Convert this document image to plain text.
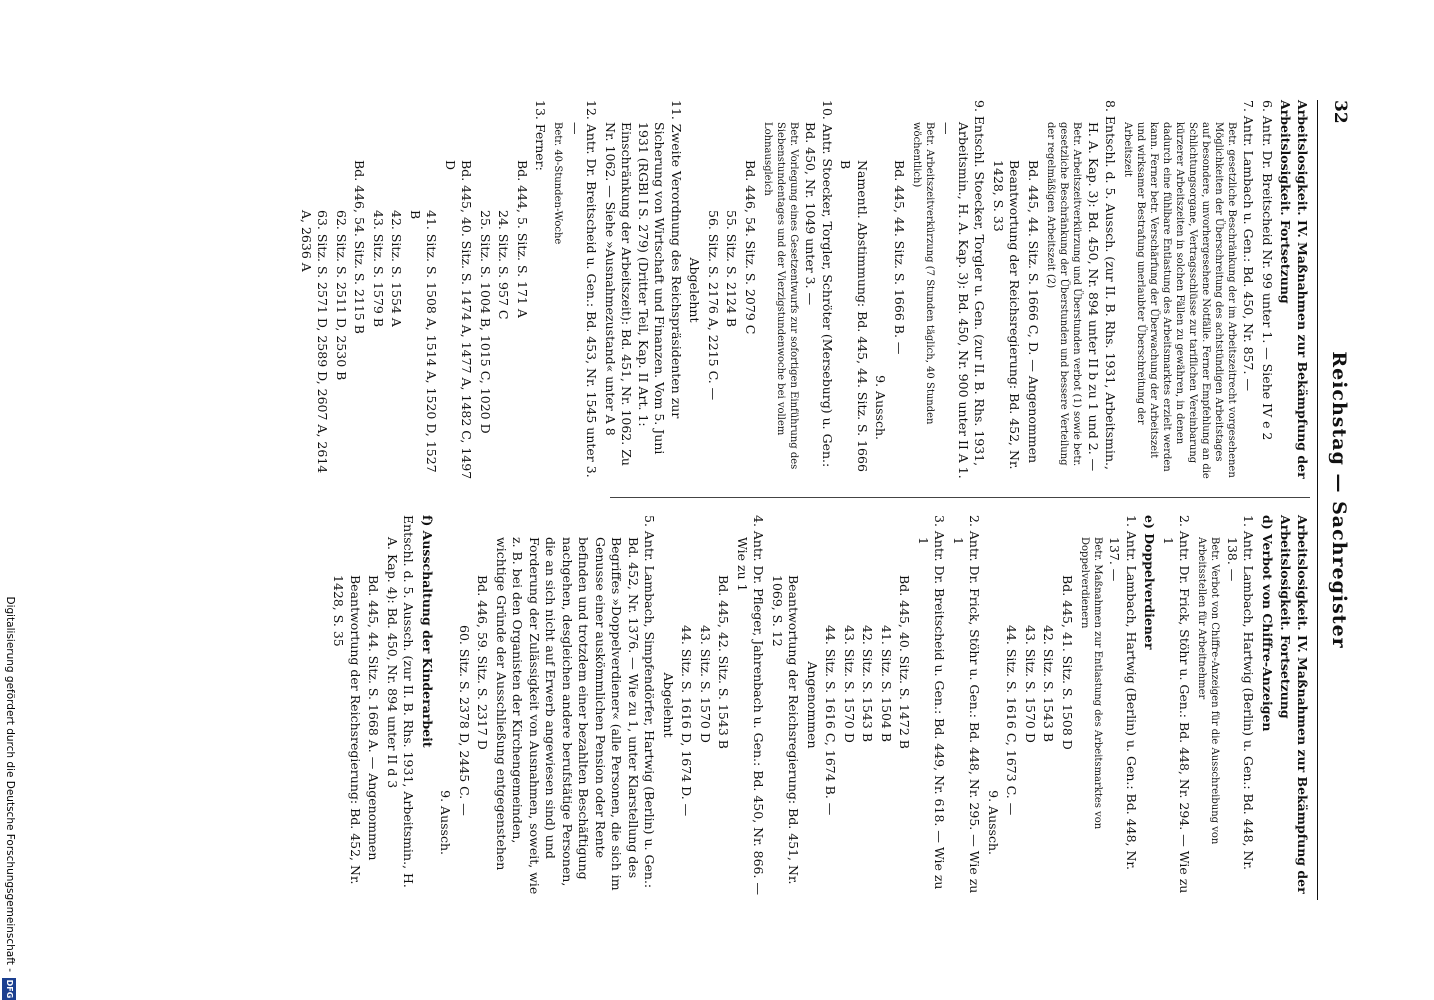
32
Reichstag — Sachregister

Arbeitslosigkeit. IV. Maßnahmen zur Bekämpfung der Arbeitslosigkeit. Fortsetzung

6. Antr. Dr. Breitscheid Nr. 99 unter 1. — Siehe IV e 2

7. Antr. Lambach u. Gen.: Bd. 450, Nr. 857. —

Betr. gesetzliche Beschränkung der im Arbeitszeitrecht vorgesehenen Möglichkeiten der Überschreitung des achtstündigen Arbeitstages auf besondere, unvorhergesehene Notfälle. Ferner Empfehlung an die Schlichtungsorgane, Vertragsschlüsse zur tariflichen Vereinbarung kürzerer Arbeitszeiten in solchen Fällen zu gewähren, in denen dadurch eine fühlbare Entlastung des Arbeitsmarktes erzielt werden kann. Ferner betr. Verschärfung der Überwachung der Arbeitszeit und wirksamer Bestrafung unerlaubter Überschreitung der Arbeitszeit

8. Entschl. d. 5. Aussch. (zur II. B. Rhs. 1931, Arbeitsmin., H. A. Kap. 3): Bd. 450, Nr. 894 unter II b zu 1 und 2. —

Betr. Arbeitszeitverkürzung und Überstunden verbot (1) sowie betr. gesetzliche Beschränkung der Überstunden und bessere Verteilung der regelmäßigen Arbeitszeit (2)

Bd. 445, 44. Sitz. S. 1666 C, D. — Angenommen

Beantwortung der Reichsregierung: Bd. 452, Nr. 1428, S. 33

9. Entschl. Stoecker, Torgler u. Gen. (zur II. B. Rhs. 1931, Arbeitsmin., H. A. Kap. 3): Bd. 450, Nr. 900 unter II A 1. —

Betr. Arbeitszeitverkürzung (7 Stunden täglich, 40 Stunden wöchentlich)

Bd. 445, 44. Sitz. S. 1666 B. —

9. Aussch.

Namentl. Abstimmung: Bd. 445, 44. Sitz. S. 1666 B

10. Antr. Stoecker, Torgler, Schröter (Merseburg) u. Gen.: Bd. 450, Nr. 1049 unter 3. —

Betr. Vorlegung eines Gesetzentwurfs zur sofortigen Einführung des Siebenstundentages und der Vierzigstundenwoche bei vollem Lohnausgleich

Bd. 446, 54. Sitz. S. 2079 C

55. Sitz. S. 2124 B

56. Sitz. S. 2176 A, 2215 C. —

Abgelehnt

11. Zweite Verordnung des Reichspräsidenten zur Sicherung von Wirtschaft und Finanzen. Vom 5. Juni 1931 (RGBl I S. 279) (Dritter Teil, Kap. II Art. 1: Einschränkung der Arbeitszeit): Bd. 451, Nr. 1062. Zu Nr. 1062. — Siehe »Ausnahmezustand« unter A 8

12. Antr. Dr. Breitscheid u. Gen.: Bd. 453, Nr. 1545 unter 3. —

Betr. 40-Stunden-Woche

13. Ferner:

Bd. 444, 5. Sitz. S. 171 A

24. Sitz. S. 957 C

25. Sitz. S. 1004 B, 1015 C, 1020 D

Bd. 445, 40. Sitz. S. 1474 A, 1477 A, 1482 C, 1497 D

41. Sitz. S. 1508 A, 1514 A, 1520 D, 1527 B

42. Sitz. S. 1554 A

43. Sitz. S. 1579 B

Bd. 446, 54. Sitz. S. 2115 B

62. Sitz. S. 2511 D, 2530 B

63. Sitz. S. 2571 D, 2589 D, 2607 A, 2614 A, 2636 A

Arbeitslosigkeit. IV. Maßnahmen zur Bekämpfung der Arbeitslosigkeit. Fortsetzung

d) Verbot von Chiffre-Anzeigen

1. Antr. Lambach, Hartwig (Berlin) u. Gen.: Bd. 448, Nr. 138. —

Betr. Verbot von Chiffre-Anzeigen für die Ausschreibung von Arbeitsstellen für Arbeitnehmer

2. Antr. Dr. Frick, Stöhr u. Gen.: Bd. 448, Nr. 294. — Wie zu 1

e) Doppelverdiener

1. Antr. Lambach, Hartwig (Berlin) u. Gen.: Bd. 448, Nr. 137. —

Betr. Maßnahmen zur Entlastung des Arbeitsmarktes von Doppelverdienern

Bd. 445, 41. Sitz. S. 1508 D

42. Sitz. S. 1543 B

43. Sitz. S. 1570 D

44. Sitz. S. 1616 C, 1673 C. —

9. Aussch.

2. Antr. Dr. Frick, Stöhr u. Gen.: Bd. 448, Nr. 295. — Wie zu 1

3. Antr. Dr. Breitscheid u. Gen.: Bd. 449, Nr. 618. — Wie zu 1

Bd. 445, 40. Sitz. S. 1472 B

41. Sitz. S. 1504 B

42. Sitz. S. 1543 B

43. Sitz. S. 1570 D

44. Sitz. S. 1616 C, 1674 B. —

Angenommen

Beantwortung der Reichsregierung: Bd. 451, Nr. 1069, S. 12

4. Antr. Dr. Pfleger, Jahrenbach u. Gen.: Bd. 450, Nr. 866. — Wie zu 1

Bd. 445, 42. Sitz. S. 1543 B

43. Sitz. S. 1570 D

44. Sitz. S. 1616 D, 1674 D. —

Abgelehnt

5. Antr. Lambach, Simpfendörfer, Hartwig (Berlin) u. Gen.: Bd. 452, Nr. 1376. — Wie zu 1, unter Klarstellung des Begriffes »Doppelverdiener« (alle Personen, die sich im Genusse einer auskömmlichen Pension oder Rente befinden und trotzdem einer bezahlten Beschäftigung nachgehen, desgleichen andere berufstätige Personen, die an sich nicht auf Erwerb angewiesen sind) und Forderung der Zulässigkeit von Ausnahmen, soweit, wie z. B. bei den Organisten der Kirchengemeinden, wichtige Gründe der Ausschließung entgegenstehen

Bd. 446, 59. Sitz. S. 2317 D

60. Sitz. S. 2378 D, 2445 C. —

9. Aussch.

f) Ausschaltung der Kinderarbeit

Entschl. d. 5. Aussch. (zur II. B. Rhs. 1931, Arbeitsmin., H. A. Kap. 4): Bd. 450, Nr. 894 unter II d 3

Bd. 445, 44. Sitz. S. 1668 A. — Angenommen

Beantwortung der Reichsregierung: Bd. 452, Nr. 1428, S. 35

Digitalisierung gefördert durch die Deutsche Forschungsgemeinschaft -
DFG
